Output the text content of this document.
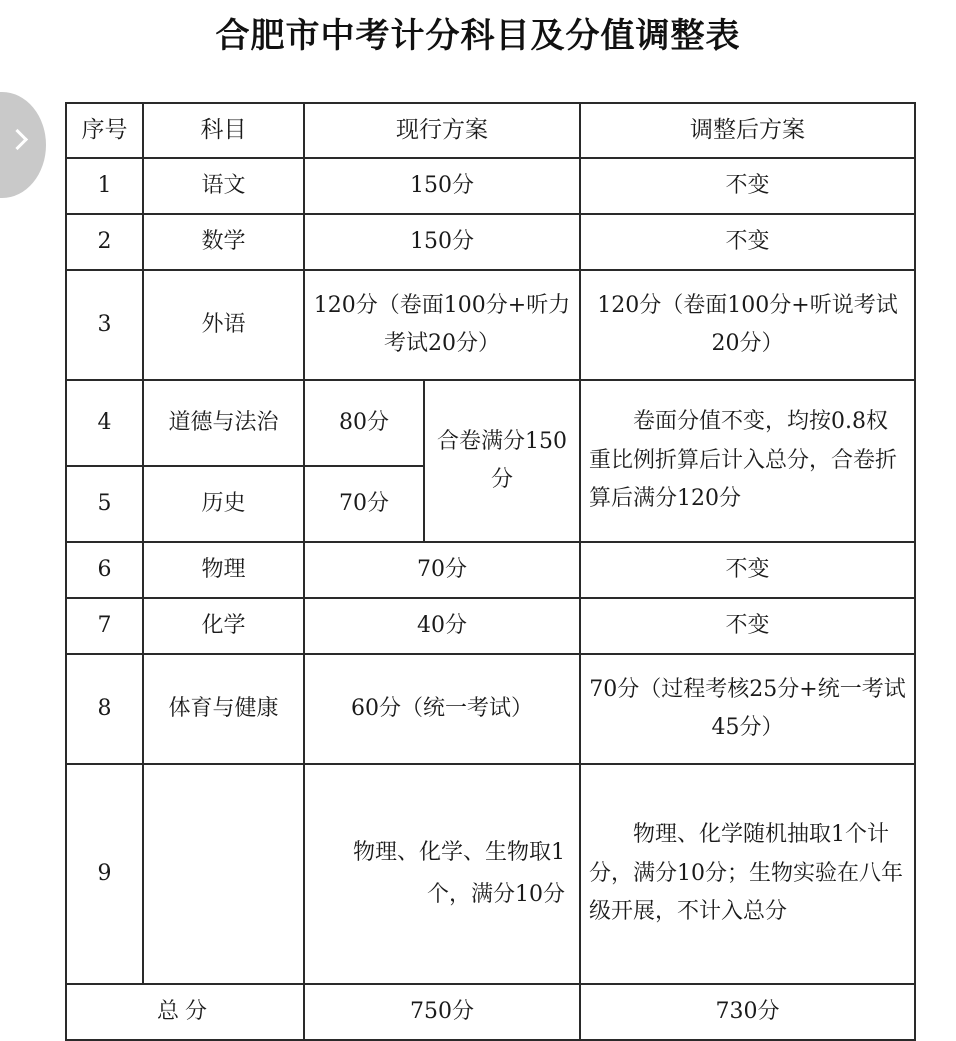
合肥市中考计分科目及分值调整表
序号	科目	现行方案		调整后方案
1	语文	150分		不变
2	数学	150分		不变
3	外语	120分（卷面100分+听力考试20分）		120分（卷面100分+听说考试20分）
4	道德与法治	80分	合卷满分150分	卷面分值不变，均按0.8权重比例折算后计入总分，合卷折算后满分120分
5	历史	70分		
6	物理	70分		不变
7	化学	40分		不变
8	体育与健康	60分（统一考试）		70分（过程考核25分+统一考试45分）
9		物理、化学、生物取1个，满分10分		物理、化学随机抽取1个计分，满分10分；生物实验在八年级开展，不计入总分
总分		750分		730分
